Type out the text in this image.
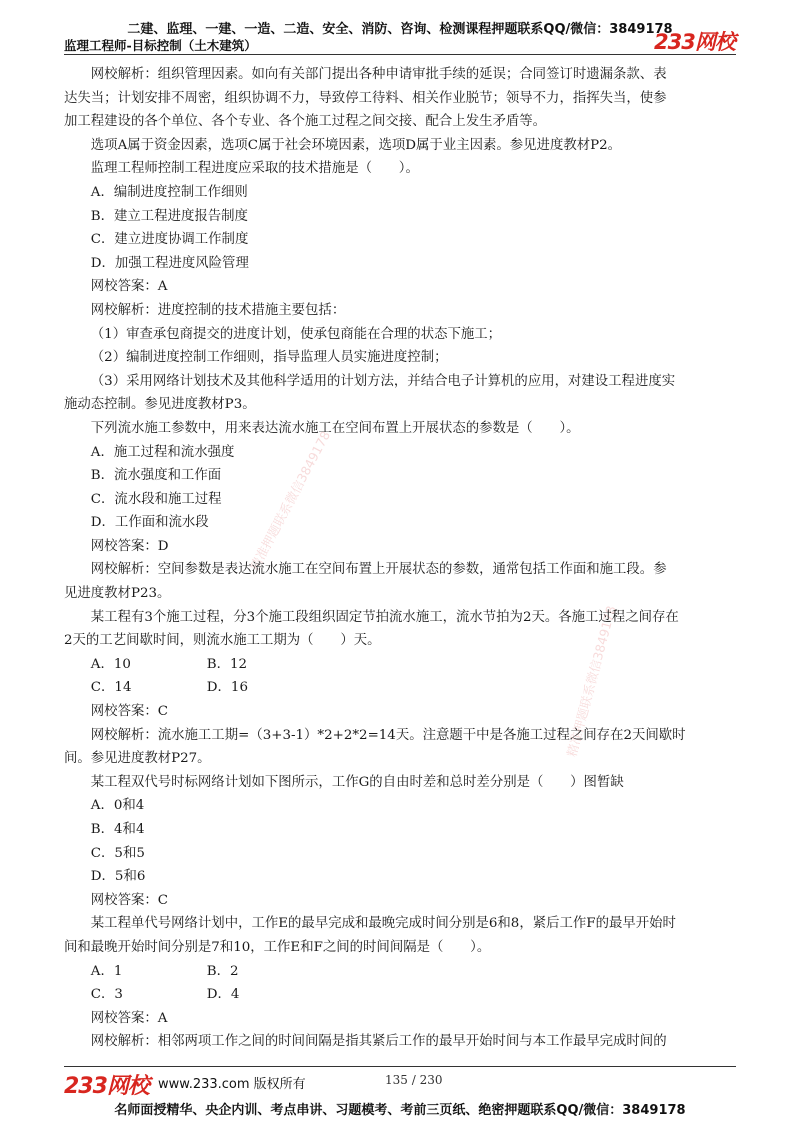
二建、监理、一建、一造、二造、安全、消防、咨询、检测课程押题联系QQ/微信：3849178
监理工程师-目标控制（土木建筑）	233网校
精准押题联系微信3849178
精准押题联系微信3849178

网校解析：组织管理因素。如向有关部门提出各种申请审批手续的延误；合同签订时遗漏条款、表

达失当；计划安排不周密，组织协调不力，导致停工待料、相关作业脱节；领导不力，指挥失当，使参

加工程建设的各个单位、各个专业、各个施工过程之间交接、配合上发生矛盾等。

选项A属于资金因素，选项C属于社会环境因素，选项D属于业主因素。参见进度教材P2。

监理工程师控制工程进度应采取的技术措施是（　　）。

A．编制进度控制工作细则

B．建立工程进度报告制度

C．建立进度协调工作制度

D．加强工程进度风险管理

网校答案：A

网校解析：进度控制的技术措施主要包括：

（1）审查承包商提交的进度计划，使承包商能在合理的状态下施工；

（2）编制进度控制工作细则，指导监理人员实施进度控制；

（3）采用网络计划技术及其他科学适用的计划方法，并结合电子计算机的应用，对建设工程进度实

施动态控制。参见进度教材P3。

下列流水施工参数中，用来表达流水施工在空间布置上开展状态的参数是（　　）。

A．施工过程和流水强度

B．流水强度和工作面

C．流水段和施工过程

D．工作面和流水段

网校答案：D

网校解析：空间参数是表达流水施工在空间布置上开展状态的参数，通常包括工作面和施工段。参

见进度教材P23。

某工程有3个施工过程，分3个施工段组织固定节拍流水施工，流水节拍为2天。各施工过程之间存在

2天的工艺间歇时间，则流水施工工期为（　　）天。

A．10	B．12
C．14	D．16

网校答案：C

网校解析：流水施工工期=（3+3-1）*2+2*2=14天。注意题干中是各施工过程之间存在2天间歇时

间。参见进度教材P27。

某工程双代号时标网络计划如下图所示，工作G的自由时差和总时差分别是（　　）图暂缺

A．0和4

B．4和4

C．5和5

D．5和6

网校答案：C

某工程单代号网络计划中，工作E的最早完成和最晚完成时间分别是6和8，紧后工作F的最早开始时

间和最晚开始时间分别是7和10，工作E和F之间的时间间隔是（　　）。

A．1	B．2
C．3	D．4

网校答案：A

网校解析：相邻两项工作之间的时间间隔是指其紧后工作的最早开始时间与本工作最早完成时间的

233网校 www.233.com 版权所有	135 / 230
名师面授精华、央企内训、考点串讲、习题模考、考前三页纸、绝密押题联系QQ/微信：3849178
